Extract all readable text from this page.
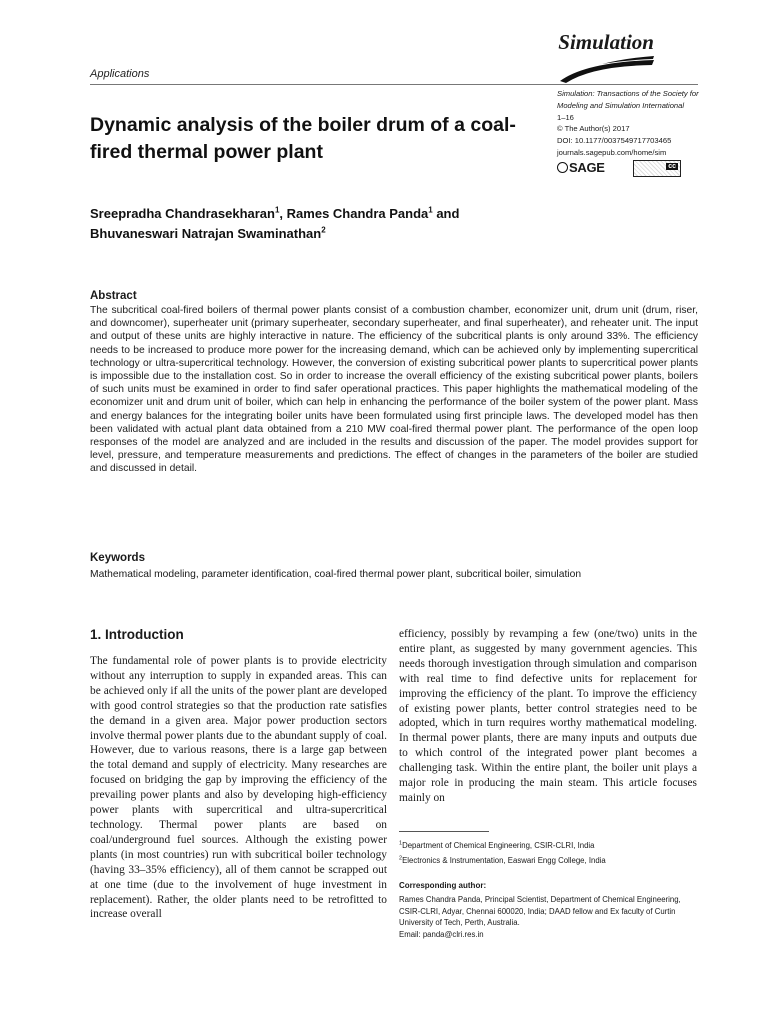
Simulation
Applications
Dynamic analysis of the boiler drum of a coal-fired thermal power plant
Simulation: Transactions of the Society for Modeling and Simulation International
1–16
© The Author(s) 2017
DOI: 10.1177/0037549717703465
journals.sagepub.com/home/sim
SAGE	cc
Sreepradha Chandrasekharan$^1$, Rames Chandra Panda$^1$ and Bhuvaneswari Natrajan Swaminathan$^2$
Abstract
The subcritical coal-fired boilers of thermal power plants consist of a combustion chamber, economizer unit, drum unit (drum, riser, and downcomer), superheater unit (primary superheater, secondary superheater, and final superheater), and reheater unit. The input and output of these units are highly interactive in nature. The efficiency of the subcritical plants is only around 33%. The efficiency needs to be increased to produce more power for the increasing demand, which can be achieved only by implementing supercritical technology or ultra-supercritical technology. However, the conversion of existing subcritical power plants to supercritical power plants is impossible due to the installation cost. So in order to increase the overall efficiency of the existing subcritical power plants, boilers of such units must be examined in order to find safer operational practices. This paper highlights the mathematical modeling of the economizer unit and drum unit of boiler, which can help in enhancing the performance of the boiler system of the power plant. Mass and energy balances for the integrating boiler units have been formulated using first principle laws. The developed model has then been validated with actual plant data obtained from a 210 MW coal-fired thermal power plant. The performance of the open loop responses of the model are analyzed and are included in the results and discussion of the paper. The model provides support for level, pressure, and temperature measurements and predictions. The effect of changes in the parameters of the boiler are studied and discussed in detail.
Keywords
Mathematical modeling, parameter identification, coal-fired thermal power plant, subcritical boiler, simulation
1. Introduction
The fundamental role of power plants is to provide electricity without any interruption to supply in expanded areas. This can be achieved only if all the units of the power plant are developed with good control strategies so that the production rate satisfies the demand in a given area. Major power production sectors involve thermal power plants due to the abundant supply of coal. However, due to various reasons, there is a large gap between the total demand and supply of electricity. Many researches are focused on bridging the gap by improving the efficiency of the prevailing power plants and also by developing high-efficiency power plants with supercritical and ultra-supercritical technology. Thermal power plants are based on coal/underground fuel sources. Although the existing power plants (in most countries) run with subcritical boiler technology (having 33–35% efficiency), all of them cannot be scrapped out at one time (due to the involvement of huge investment in replacement). Rather, the older plants need to be retrofitted to increase overall
efficiency, possibly by revamping a few (one/two) units in the entire plant, as suggested by many government agencies. This needs thorough investigation through simulation and comparison with real time to find defective units for replacement for improving the efficiency of the plant. To improve the efficiency of existing power plants, better control strategies need to be adopted, which in turn requires worthy mathematical modeling. In thermal power plants, there are many inputs and outputs due to which control of the integrated power plant becomes a challenging task. Within the entire plant, the boiler unit plays a major role in producing the main steam. This article focuses mainly on
$^1$Department of Chemical Engineering, CSIR-CLRI, India
$^2$Electronics & Instrumentation, Easwari Engg College, India
Corresponding author:
Rames Chandra Panda, Principal Scientist, Department of Chemical Engineering, CSIR-CLRI, Adyar, Chennai 600020, India; DAAD fellow and Ex faculty of Curtin University of Tech, Perth, Australia.
Email: panda@clri.res.in
